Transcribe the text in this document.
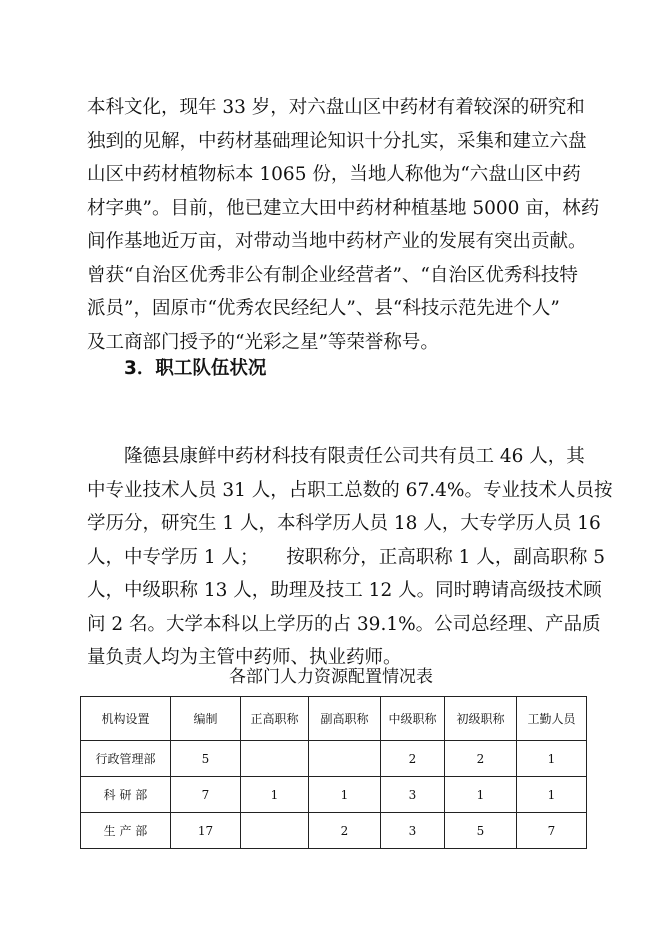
本科文化，现年 33 岁，对六盘山区中药材有着较深的研究和
独到的见解，中药材基础理论知识十分扎实，采集和建立六盘
山区中药材植物标本 1065 份，当地人称他为“六盘山区中药
材字典”。目前，他已建立大田中药材种植基地 5000 亩，林药
间作基地近万亩，对带动当地中药材产业的发展有突出贡献。
曾获“自治区优秀非公有制企业经营者”、“自治区优秀科技特
派员”，固原市“优秀农民经纪人”、县“科技示范先进个人”
及工商部门授予的“光彩之星”等荣誉称号。
3．职工队伍状况
　　隆德县康鲜中药材科技有限责任公司共有员工 46 人，其
中专业技术人员 31 人，占职工总数的 67.4%。专业技术人员按
学历分，研究生 1 人，本科学历人员 18 人，大专学历人员 16
人，中专学历 1 人；　　按职称分，正高职称 1 人，副高职称 5
人，中级职称 13 人，助理及技工 12 人。同时聘请高级技术顾
问 2 名。大学本科以上学历的占 39.1%。公司总经理、产品质
量负责人均为主管中药师、执业药师。

各部门人力资源配置情况表

机构设置	编制	正高职称	副高职称	中级职称	初级职称	工勤人员
行政管理部	5			2	2	1
科 研 部	7	1	1	3	1	1
生 产 部	17		2	3	5	7
